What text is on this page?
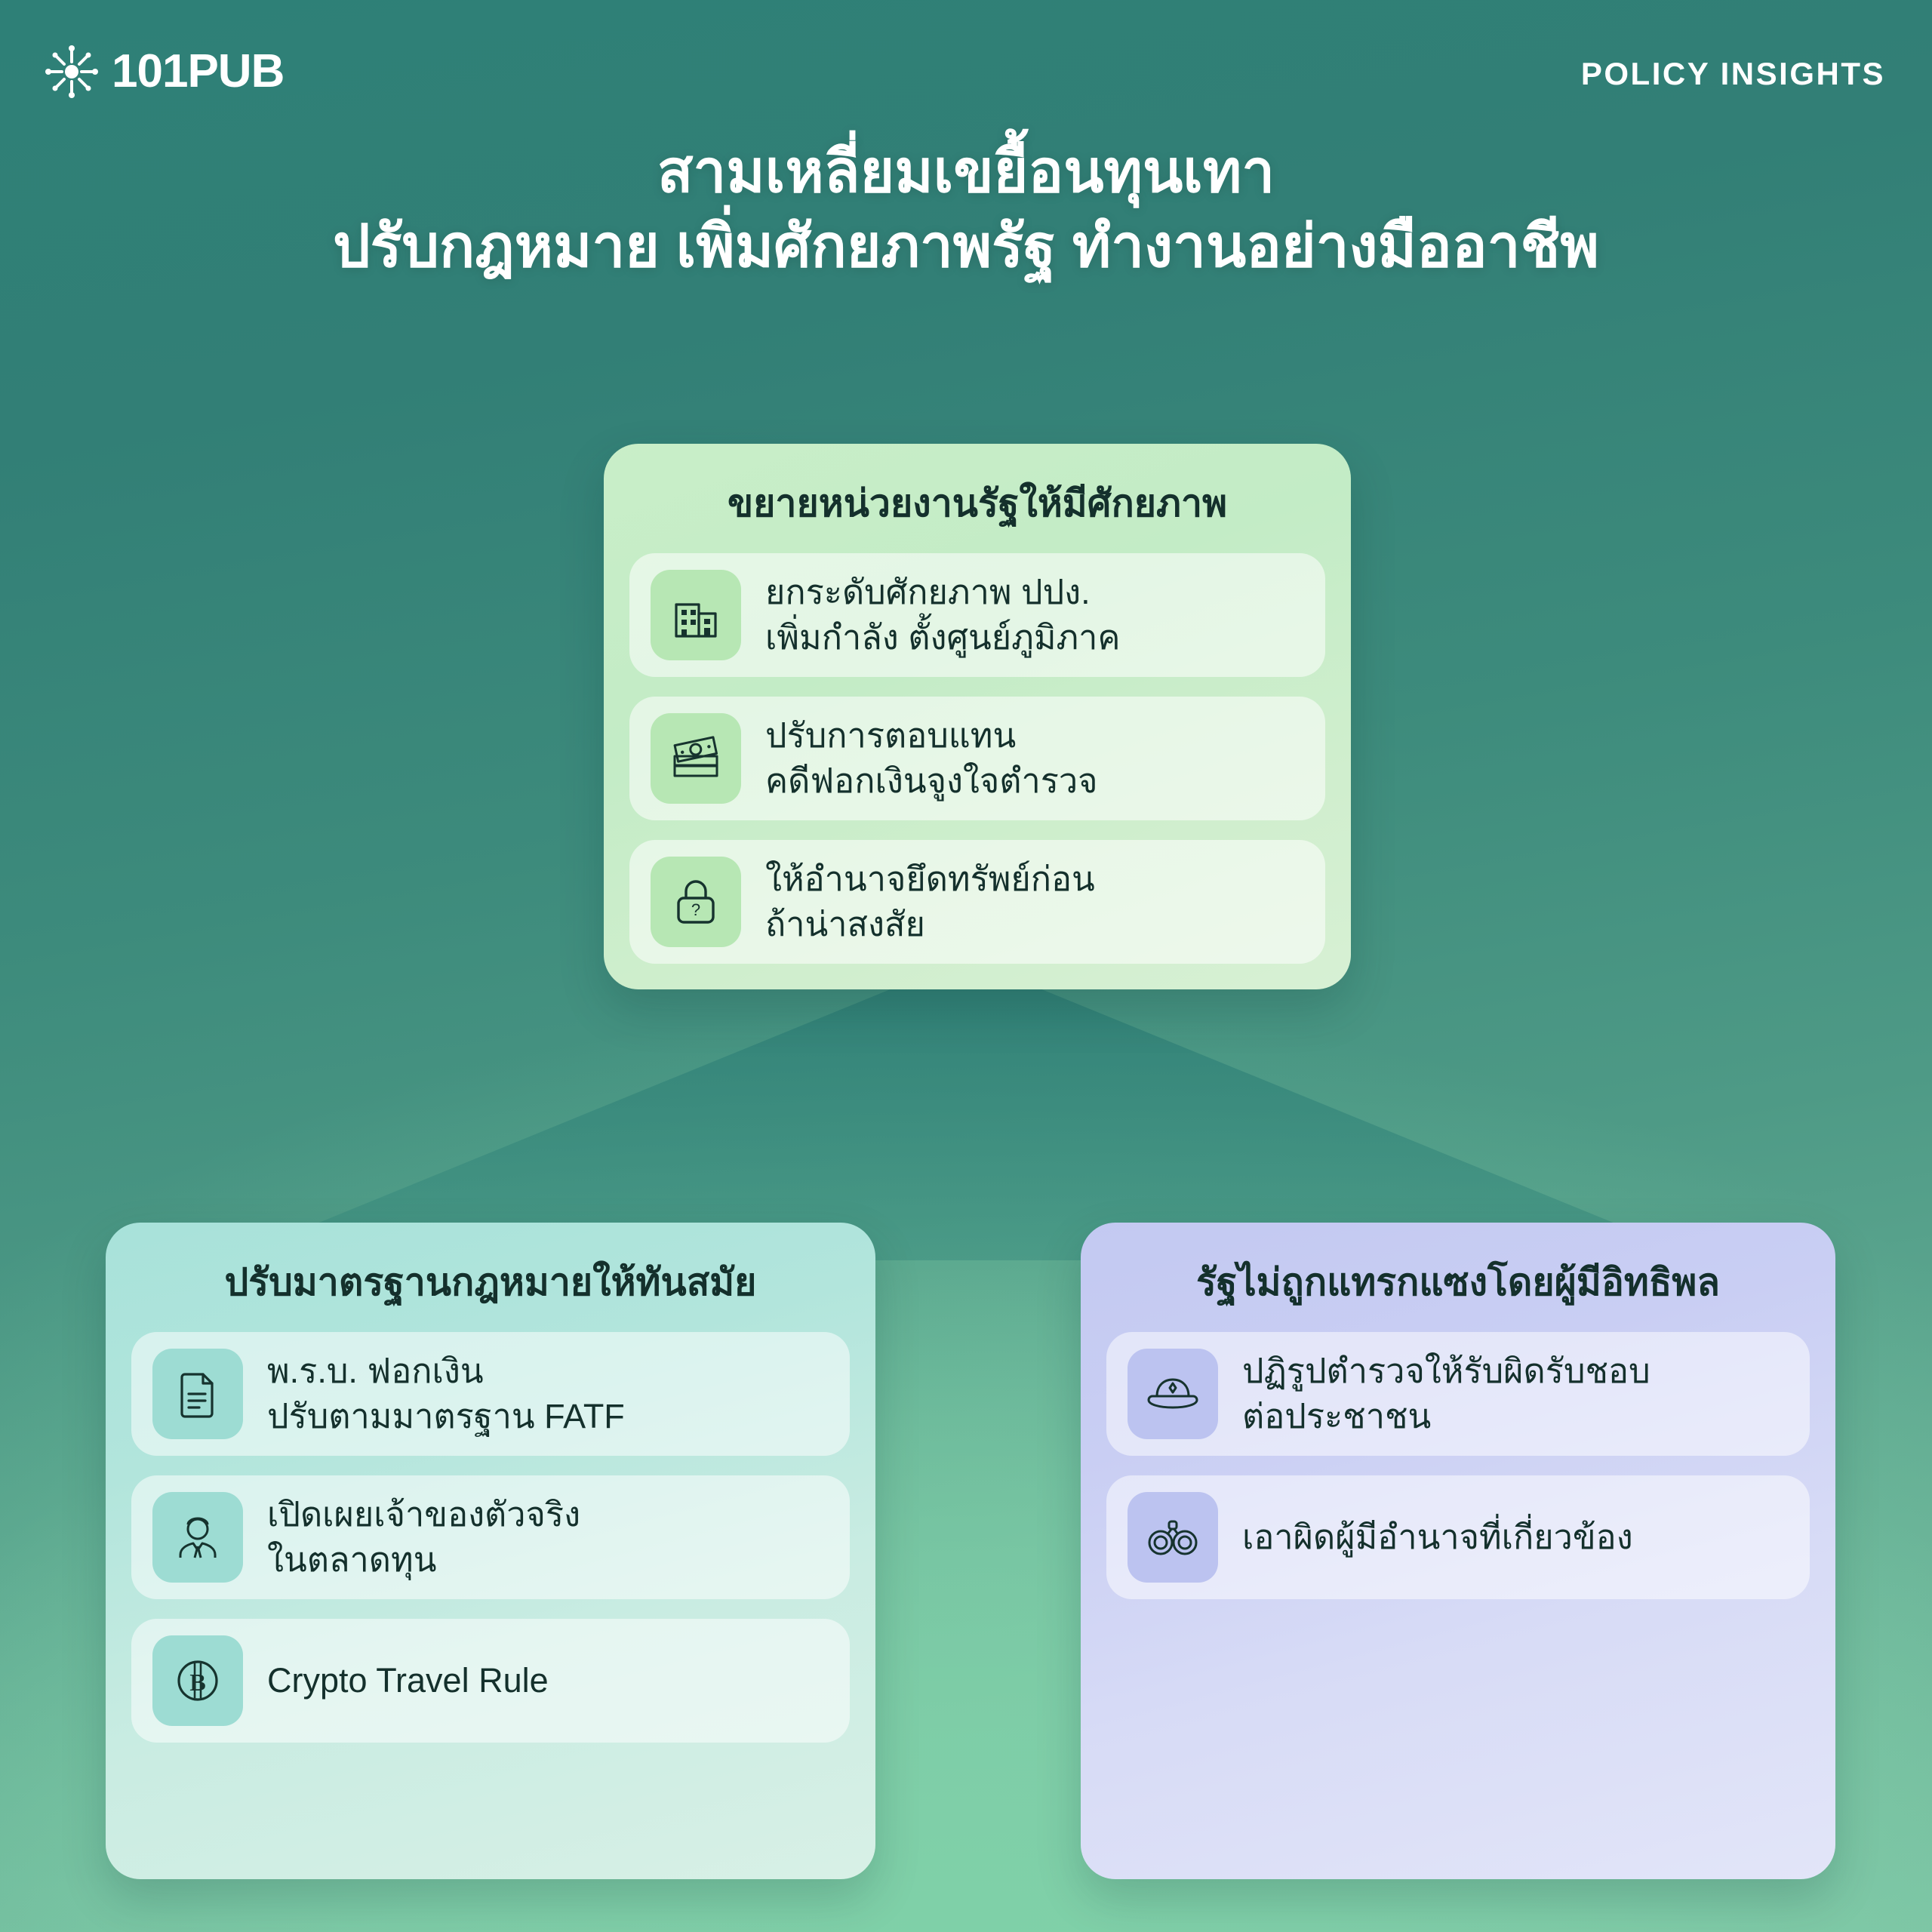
101PUB	POLICY INSIGHTS
สามเหลี่ยมเขยื้อนทุนเทา
ปรับกฎหมาย เพิ่มศักยภาพรัฐ ทำงานอย่างมืออาชีพ
ขยายหน่วยงานรัฐให้มีศักยภาพ
ยกระดับศักยภาพ ปปง.
เพิ่มกำลัง ตั้งศูนย์ภูมิภาค
ปรับการตอบแทน
คดีฟอกเงินจูงใจตำรวจ
?
ให้อำนาจยึดทรัพย์ก่อน
ถ้าน่าสงสัย
ปรับมาตรฐานกฎหมายให้ทันสมัย
พ.ร.บ. ฟอกเงิน
ปรับตามมาตรฐาน FATF
เปิดเผยเจ้าของตัวจริง
ในตลาดทุน
B Crypto Travel Rule
รัฐไม่ถูกแทรกแซงโดยผู้มีอิทธิพล
ปฏิรูปตำรวจให้รับผิดรับชอบ
ต่อประชาชน
เอาผิดผู้มีอำนาจที่เกี่ยวข้อง
